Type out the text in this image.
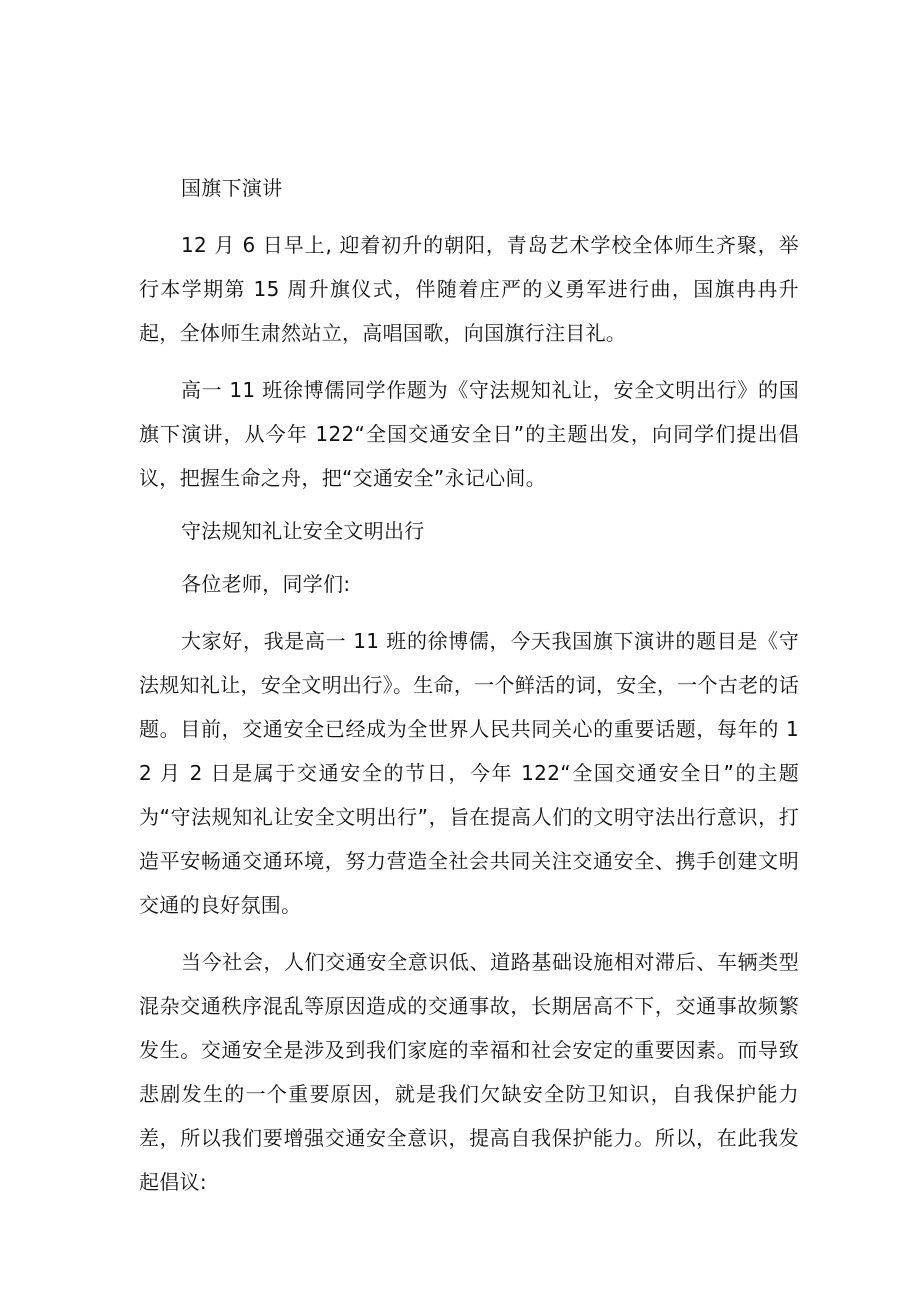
国旗下演讲

12 月 6 日早上, 迎着初升的朝阳，青岛艺术学校全体师生齐聚，举行本学期第 15 周升旗仪式，伴随着庄严的义勇军进行曲，国旗冉冉升起，全体师生肃然站立，高唱国歌，向国旗行注目礼。

高一 11 班徐博儒同学作题为《守法规知礼让，安全文明出行》的国旗下演讲，从今年 122“全国交通安全日”的主题出发，向同学们提出倡议，把握生命之舟，把“交通安全”永记心间。

守法规知礼让安全文明出行

各位老师，同学们:

大家好，我是高一 11 班的徐博儒，今天我国旗下演讲的题目是《守法规知礼让，安全文明出行》。生命，一个鲜活的词，安全，一个古老的话题。目前，交通安全已经成为全世界人民共同关心的重要话题，每年的 12 月 2 日是属于交通安全的节日，今年 122“全国交通安全日”的主题为“守法规知礼让安全文明出行”，旨在提高人们的文明守法出行意识，打造平安畅通交通环境，努力营造全社会共同关注交通安全、携手创建文明交通的良好氛围。

当今社会，人们交通安全意识低、道路基础设施相对滞后、车辆类型混杂交通秩序混乱等原因造成的交通事故，长期居高不下，交通事故频繁发生。交通安全是涉及到我们家庭的幸福和社会安定的重要因素。而导致悲剧发生的一个重要原因，就是我们欠缺安全防卫知识，自我保护能力差，所以我们要增强交通安全意识，提高自我保护能力。所以，在此我发起倡议:
